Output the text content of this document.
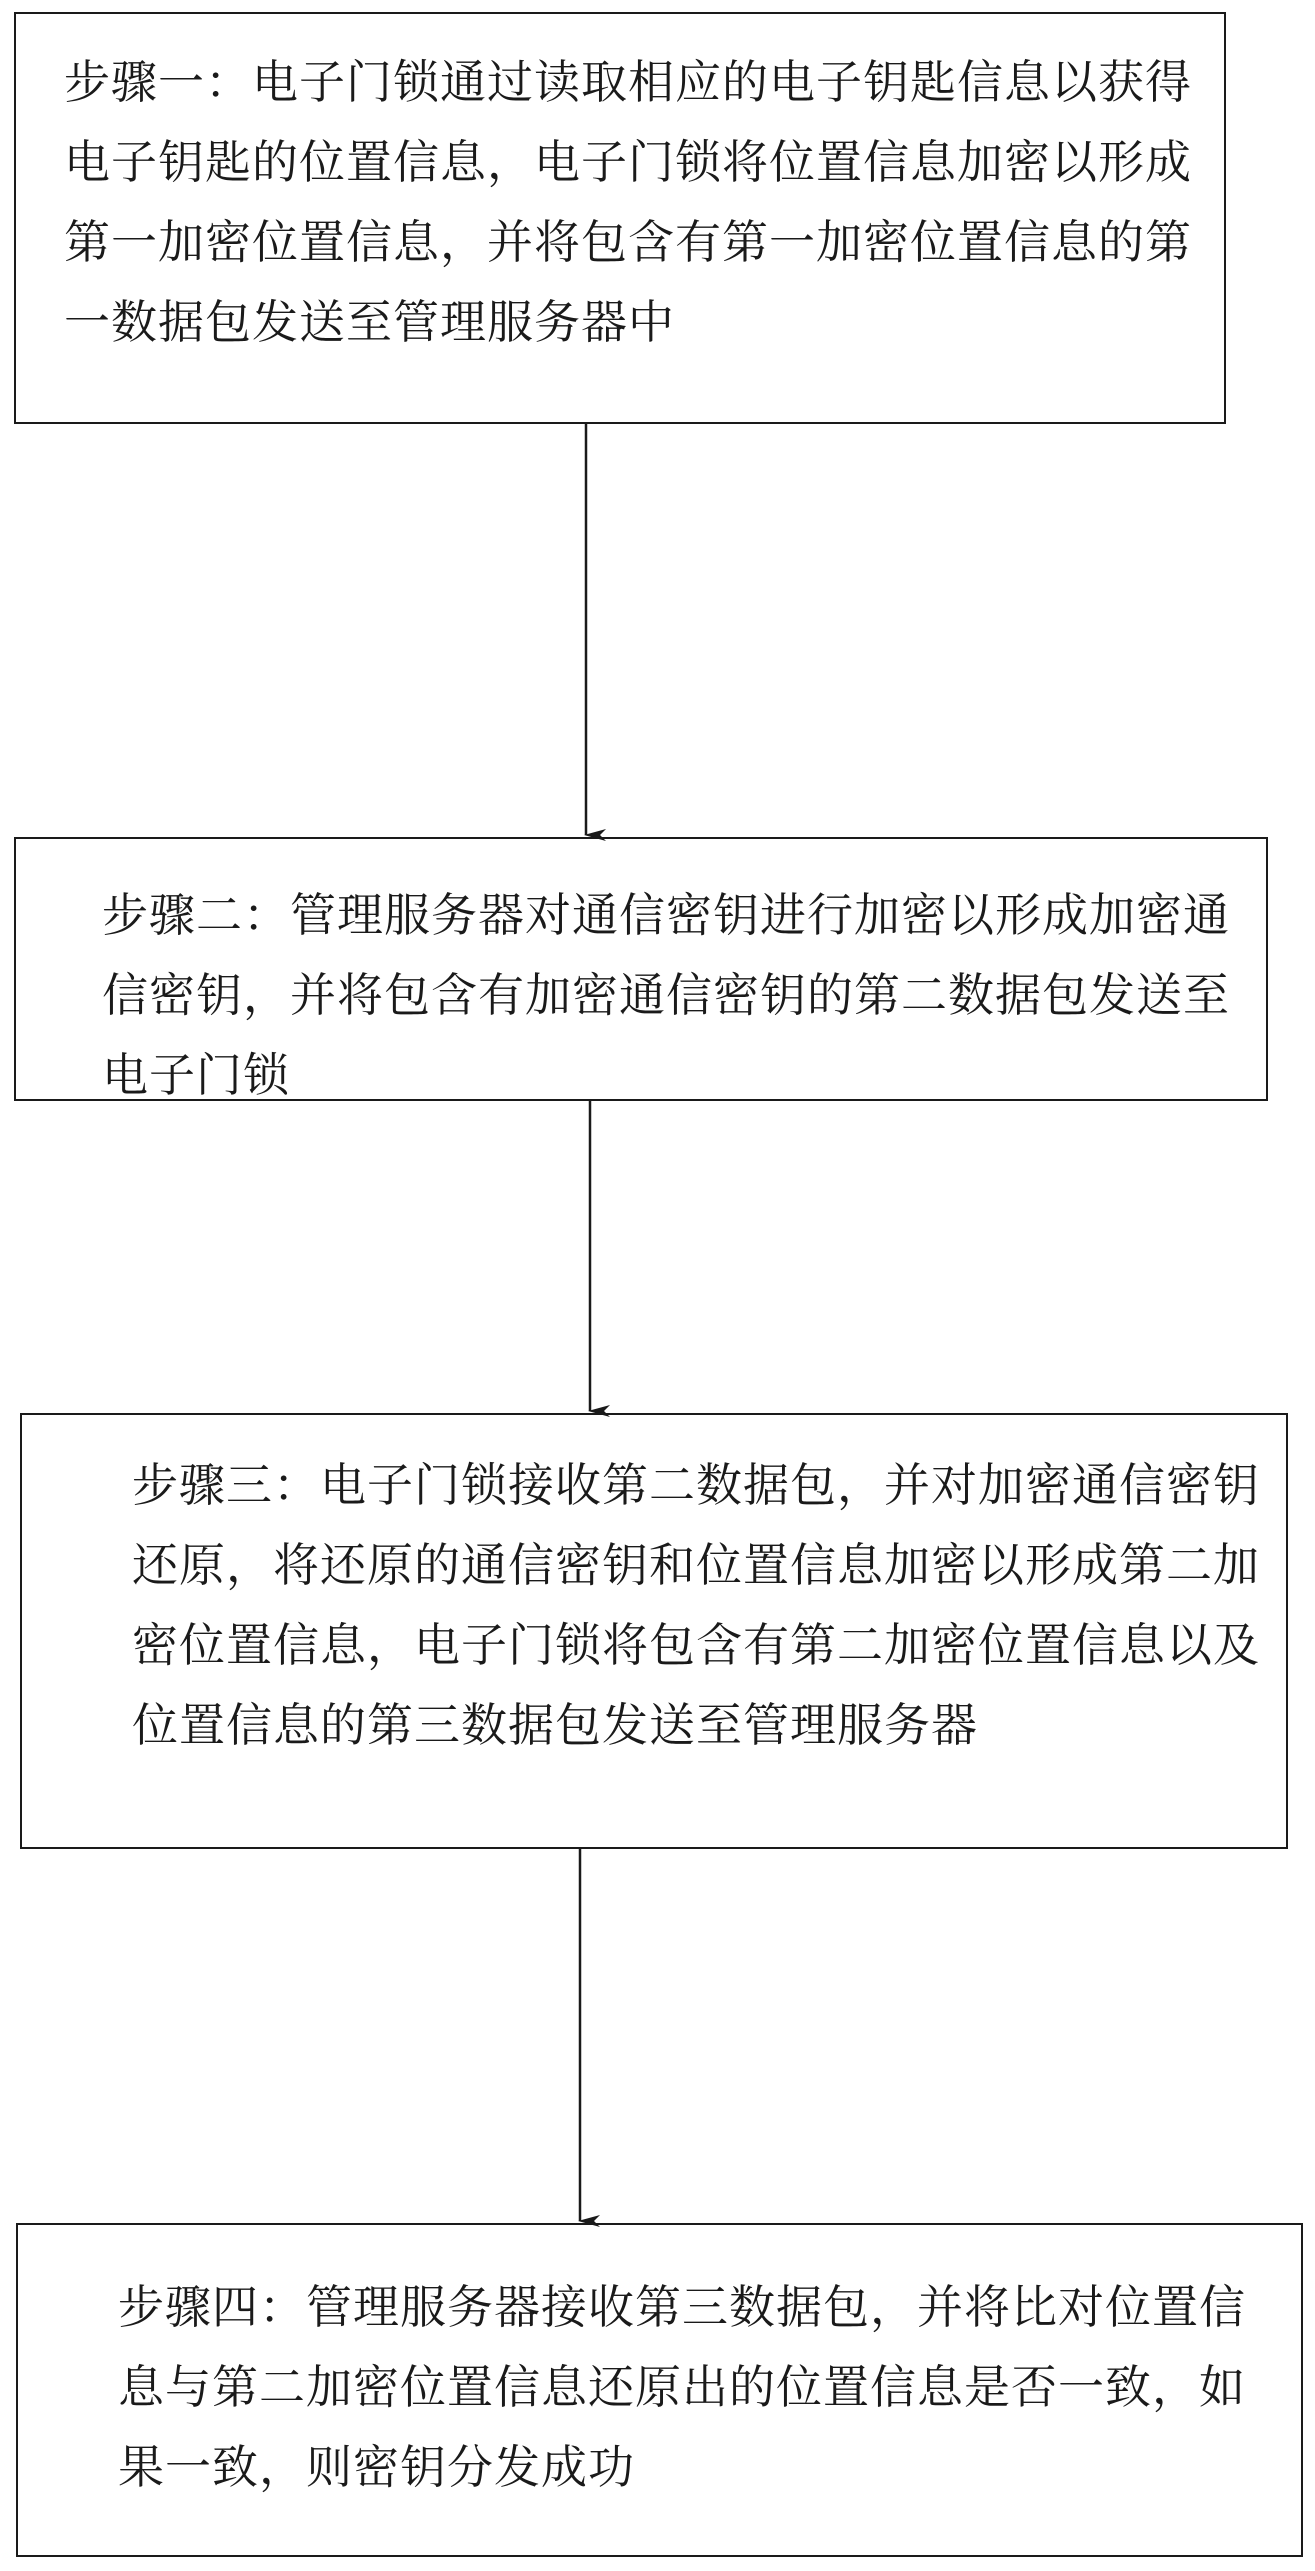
步骤一：电子门锁通过读取相应的电子钥匙信息以获得电子钥匙的位置信息，电子门锁将位置信息加密以形成第一加密位置信息，并将包含有第一加密位置信息的第一数据包发送至管理服务器中

步骤二：管理服务器对通信密钥进行加密以形成加密通信密钥，并将包含有加密通信密钥的第二数据包发送至电子门锁

步骤三：电子门锁接收第二数据包，并对加密通信密钥还原，将还原的通信密钥和位置信息加密以形成第二加密位置信息，电子门锁将包含有第二加密位置信息以及位置信息的第三数据包发送至管理服务器

步骤四：管理服务器接收第三数据包，并将比对位置信息与第二加密位置信息还原出的位置信息是否一致，如果一致，则密钥分发成功
